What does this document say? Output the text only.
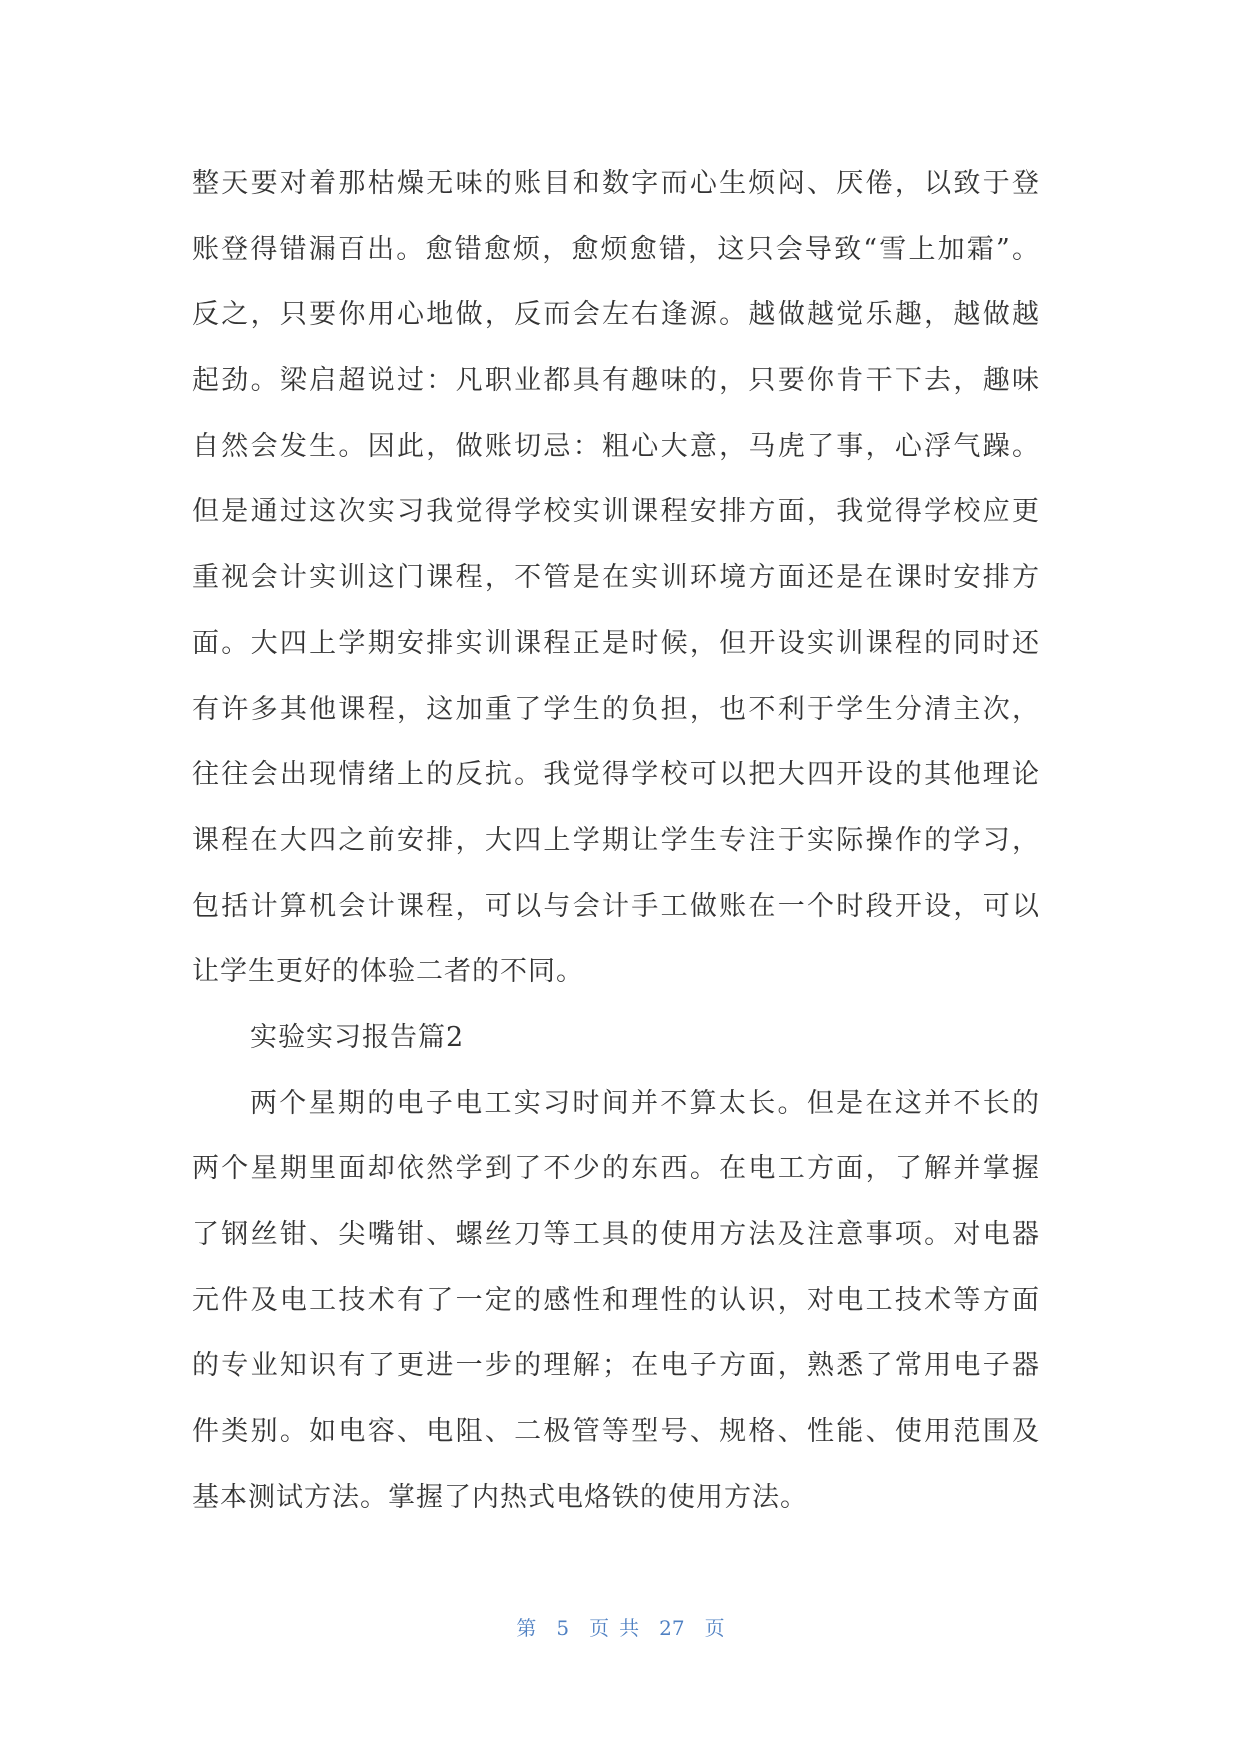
整天要对着那枯燥无味的账目和数字而心生烦闷、厌倦，以致于登
账登得错漏百出。愈错愈烦，愈烦愈错，这只会导致“雪上加霜”。
反之，只要你用心地做，反而会左右逢源。越做越觉乐趣，越做越
起劲。梁启超说过：凡职业都具有趣味的，只要你肯干下去，趣味
自然会发生。因此，做账切忌：粗心大意，马虎了事，心浮气躁。
但是通过这次实习我觉得学校实训课程安排方面，我觉得学校应更
重视会计实训这门课程，不管是在实训环境方面还是在课时安排方
面。大四上学期安排实训课程正是时候，但开设实训课程的同时还
有许多其他课程，这加重了学生的负担，也不利于学生分清主次，
往往会出现情绪上的反抗。我觉得学校可以把大四开设的其他理论
课程在大四之前安排，大四上学期让学生专注于实际操作的学习，
包括计算机会计课程，可以与会计手工做账在一个时段开设，可以
让学生更好的体验二者的不同。
实验实习报告篇2
两个星期的电子电工实习时间并不算太长。但是在这并不长的
两个星期里面却依然学到了不少的东西。在电工方面，了解并掌握
了钢丝钳、尖嘴钳、螺丝刀等工具的使用方法及注意事项。对电器
元件及电工技术有了一定的感性和理性的认识，对电工技术等方面
的专业知识有了更进一步的理解；在电子方面，熟悉了常用电子器
件类别。如电容、电阻、二极管等型号、规格、性能、使用范围及
基本测试方法。掌握了内热式电烙铁的使用方法。
第 5 页 共 27 页
